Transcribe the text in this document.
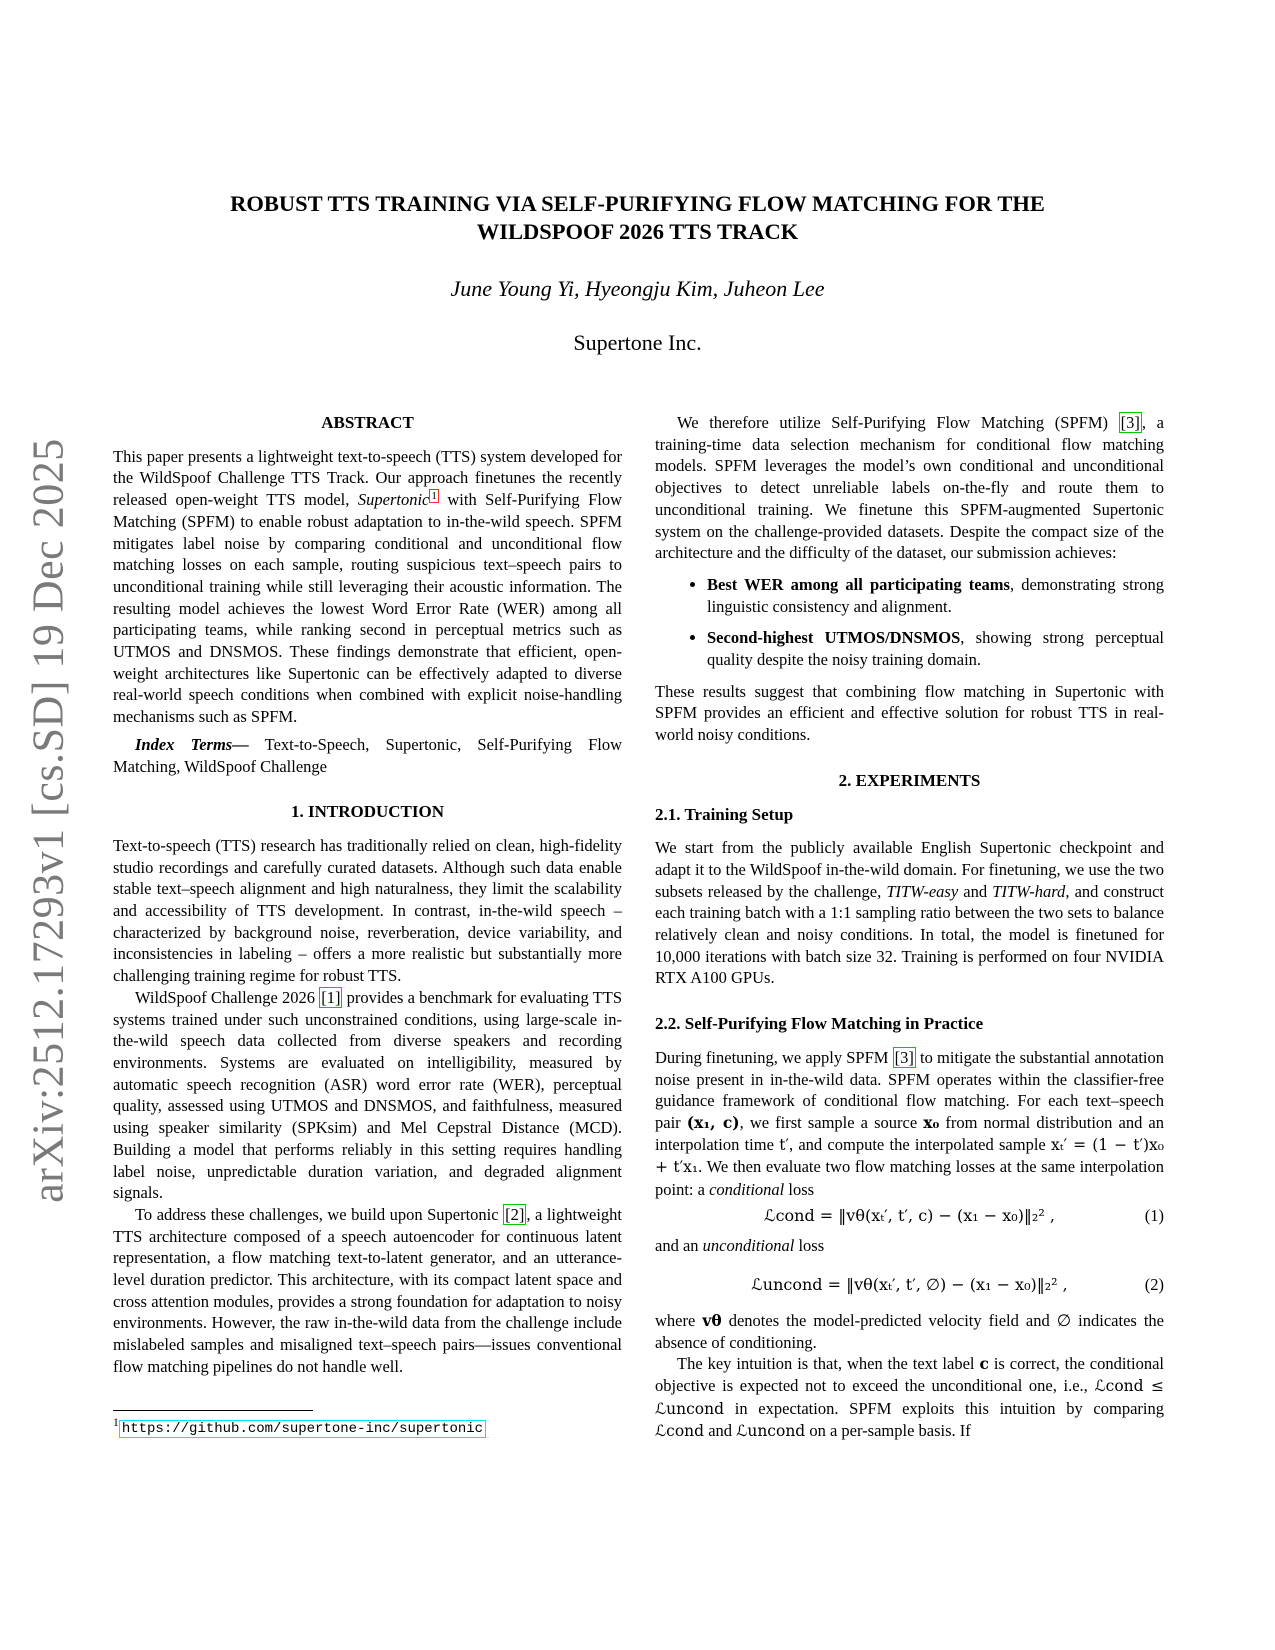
arXiv:2512.17293v1 [cs.SD] 19 Dec 2025
ROBUST TTS TRAINING VIA SELF-PURIFYING FLOW MATCHING FOR THE
WILDSPOOF 2026 TTS TRACK
June Young Yi, Hyeongju Kim, Juheon Lee
Supertone Inc.
ABSTRACT

This paper presents a lightweight text-to-speech (TTS) system developed for the WildSpoof Challenge TTS Track. Our approach finetunes the recently released open-weight TTS model, Supertonic $^1$ with Self-Purifying Flow Matching (SPFM) to enable robust adaptation to in-the-wild speech. SPFM mitigates label noise by comparing conditional and unconditional flow matching losses on each sample, routing suspicious text–speech pairs to unconditional training while still leveraging their acoustic information. The resulting model achieves the lowest Word Error Rate (WER) among all participating teams, while ranking second in perceptual metrics such as UTMOS and DNSMOS. These findings demonstrate that efficient, open-weight architectures like Supertonic can be effectively adapted to diverse real-world speech conditions when combined with explicit noise-handling mechanisms such as SPFM.

Index Terms— Text-to-Speech, Supertonic, Self-Purifying Flow Matching, WildSpoof Challenge

1. INTRODUCTION

Text-to-speech (TTS) research has traditionally relied on clean, high-fidelity studio recordings and carefully curated datasets. Although such data enable stable text–speech alignment and high naturalness, they limit the scalability and accessibility of TTS development. In contrast, in-the-wild speech – characterized by background noise, reverberation, device variability, and inconsistencies in labeling – offers a more realistic but substantially more challenging training regime for robust TTS.

WildSpoof Challenge 2026 [1] provides a benchmark for evaluating TTS systems trained under such unconstrained conditions, using large-scale in-the-wild speech data collected from diverse speakers and recording environments. Systems are evaluated on intelligibility, measured by automatic speech recognition (ASR) word error rate (WER), perceptual quality, assessed using UTMOS and DNSMOS, and faithfulness, measured using speaker similarity (SPKsim) and Mel Cepstral Distance (MCD). Building a model that performs reliably in this setting requires handling label noise, unpredictable duration variation, and degraded alignment signals.

To address these challenges, we build upon Supertonic [2] , a lightweight TTS architecture composed of a speech autoencoder for continuous latent representation, a flow matching text-to-latent generator, and an utterance-level duration predictor. This architecture, with its compact latent space and cross attention modules, provides a strong foundation for adaptation to noisy environments. However, the raw in-the-wild data from the challenge include mislabeled samples and misaligned text–speech pairs—issues conventional flow matching pipelines do not handle well.

We therefore utilize Self-Purifying Flow Matching (SPFM) [3] , a training-time data selection mechanism for conditional flow matching models. SPFM leverages the model’s own conditional and unconditional objectives to detect unreliable labels on-the-fly and route them to unconditional training. We finetune this SPFM-augmented Supertonic system on the challenge-provided datasets. Despite the compact size of the architecture and the difficulty of the dataset, our submission achieves:

• Best WER among all participating teams, demonstrating strong linguistic consistency and alignment.
• Second-highest UTMOS/DNSMOS, showing strong perceptual quality despite the noisy training domain.

These results suggest that combining flow matching in Supertonic with SPFM provides an efficient and effective solution for robust TTS in real-world noisy conditions.

2. EXPERIMENTS
2.1. Training Setup

We start from the publicly available English Supertonic checkpoint and adapt it to the WildSpoof in-the-wild domain. For finetuning, we use the two subsets released by the challenge, TITW-easy and TITW-hard, and construct each training batch with a 1:1 sampling ratio between the two sets to balance relatively clean and noisy conditions. In total, the model is finetuned for 10,000 iterations with batch size 32. Training is performed on four NVIDIA RTX A100 GPUs.

2.2. Self-Purifying Flow Matching in Practice

During finetuning, we apply SPFM [3] to mitigate the substantial annotation noise present in in-the-wild data. SPFM operates within the classifier-free guidance framework of conditional flow matching. For each text–speech pair (x₁, c), we first sample a source x₀ from normal distribution and an interpolation time t′, and compute the interpolated sample xₜ′ = (1 − t′)x₀ + t′x₁. We then evaluate two flow matching losses at the same interpolation point: a conditional loss

ℒcond = ‖vθ(xₜ′, t′, c) − (x₁ − x₀)‖₂² ,	(1)

and an unconditional loss

ℒuncond = ‖vθ(xₜ′, t′, ∅) − (x₁ − x₀)‖₂² ,	(2)

where vθ denotes the model-predicted velocity field and ∅ indicates the absence of conditioning.

The key intuition is that, when the text label c is correct, the conditional objective is expected not to exceed the unconditional one, i.e., ℒcond ≤ ℒuncond in expectation. SPFM exploits this intuition by comparing ℒcond and ℒuncond on a per-sample basis. If

$^1$ https://github.com/supertone-inc/supertonic
